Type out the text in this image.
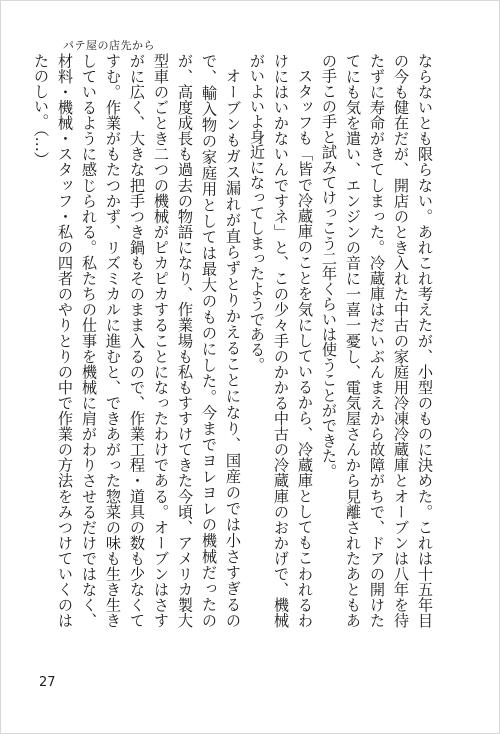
パテ屋の店先から

ならないとも限らない。あれこれ考えたが、小型のものに決めた。これは十五年目の今も健在だが、開店のとき入れた中古の家庭用冷凍冷蔵庫とオーブンは八年を待たずに寿命がきてしまった。冷蔵庫はだいぶんまえから故障がちで、ドアの開けたてにも気を遣い、エンジンの音に一喜一憂し、電気屋さんから見離されたあともあの手この手と試みてけっこう二年くらいは使うことができた。

スタッフも「皆で冷蔵庫のことを気にしているから、冷蔵庫としてもこわれるわけにはいかないんですネ」と、この少々手のかかる中古の冷蔵庫のおかげで、機械がいよいよ身近になってしまったようである。

オーブンもガス漏れが直らずとりかえることになり、国産のでは小さすぎるので、輸入物の家庭用としては最大のものにした。今までヨレヨレの機械だったのが、高度成長も過去の物語になり、作業場も私もすすけてきた今頃、アメリカ製大型車のごとき二つの機械がピカピカすることになったわけである。オーブンはさすがに広く、大きな把手つき鍋もそのまま入るので、作業工程・道具の数も少なくてすむ。作業がもたつかず、リズミカルに進むと、できあがった惣菜の味も生き生きしているように感じられる。私たちの仕事を機械に肩がわりさせるだけではなく、材料・機械・スタッフ・私の四者のやりとりの中で作業の方法をみつけていくのはたのしい。（…）

27
